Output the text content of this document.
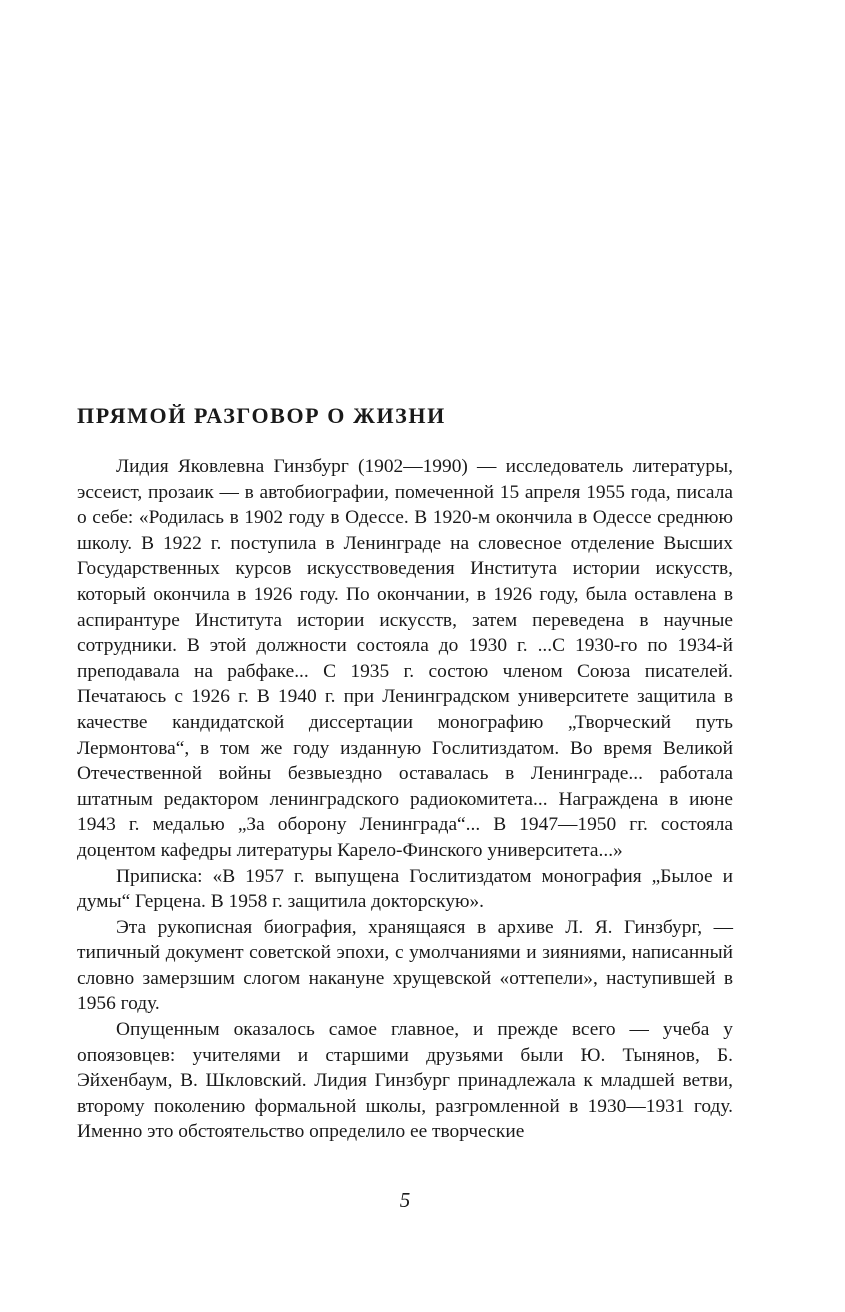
ПРЯМОЙ РАЗГОВОР О ЖИЗНИ

Лидия Яковлевна Гинзбург (1902—1990) — исследователь литературы, эссеист, прозаик — в автобиографии, помеченной 15 апреля 1955 года, писала о себе: «Родилась в 1902 году в Одессе. В 1920-м окончила в Одессе среднюю школу. В 1922 г. поступила в Ленинграде на словесное отделение Высших Государственных курсов искусствоведения Института истории искусств, который окончила в 1926 году. По окончании, в 1926 году, была оставлена в аспирантуре Института истории искусств, затем переведена в научные сотрудники. В этой должности состояла до 1930 г. ...С 1930-го по 1934-й преподавала на рабфаке... С 1935 г. состою членом Союза писателей. Печатаюсь с 1926 г. В 1940 г. при Ленинградском университете защитила в качестве кандидатской диссертации монографию „Творческий путь Лермонтова“, в том же году изданную Гослитиздатом. Во время Великой Отечественной войны безвыездно оставалась в Ленинграде... работала штатным редактором ленинградского радиокомитета... Награждена в июне 1943 г. медалью „За оборону Ленинграда“... В 1947—1950 гг. состояла доцентом кафедры литературы Карело-Финского университета...»

Приписка: «В 1957 г. выпущена Гослитиздатом монография „Былое и думы“ Герцена. В 1958 г. защитила докторскую».

Эта рукописная биография, хранящаяся в архиве Л. Я. Гинзбург, — типичный документ советской эпохи, с умолчаниями и зияниями, написанный словно замерзшим слогом накануне хрущевской «оттепели», наступившей в 1956 году.

Опущенным оказалось самое главное, и прежде всего — учеба у опоязовцев: учителями и старшими друзьями были Ю. Тынянов, Б. Эйхенбаум, В. Шкловский. Лидия Гинзбург принадлежала к младшей ветви, второму поколению формальной школы, разгромленной в 1930—1931 году. Именно это обстоятельство определило ее творческие

5
